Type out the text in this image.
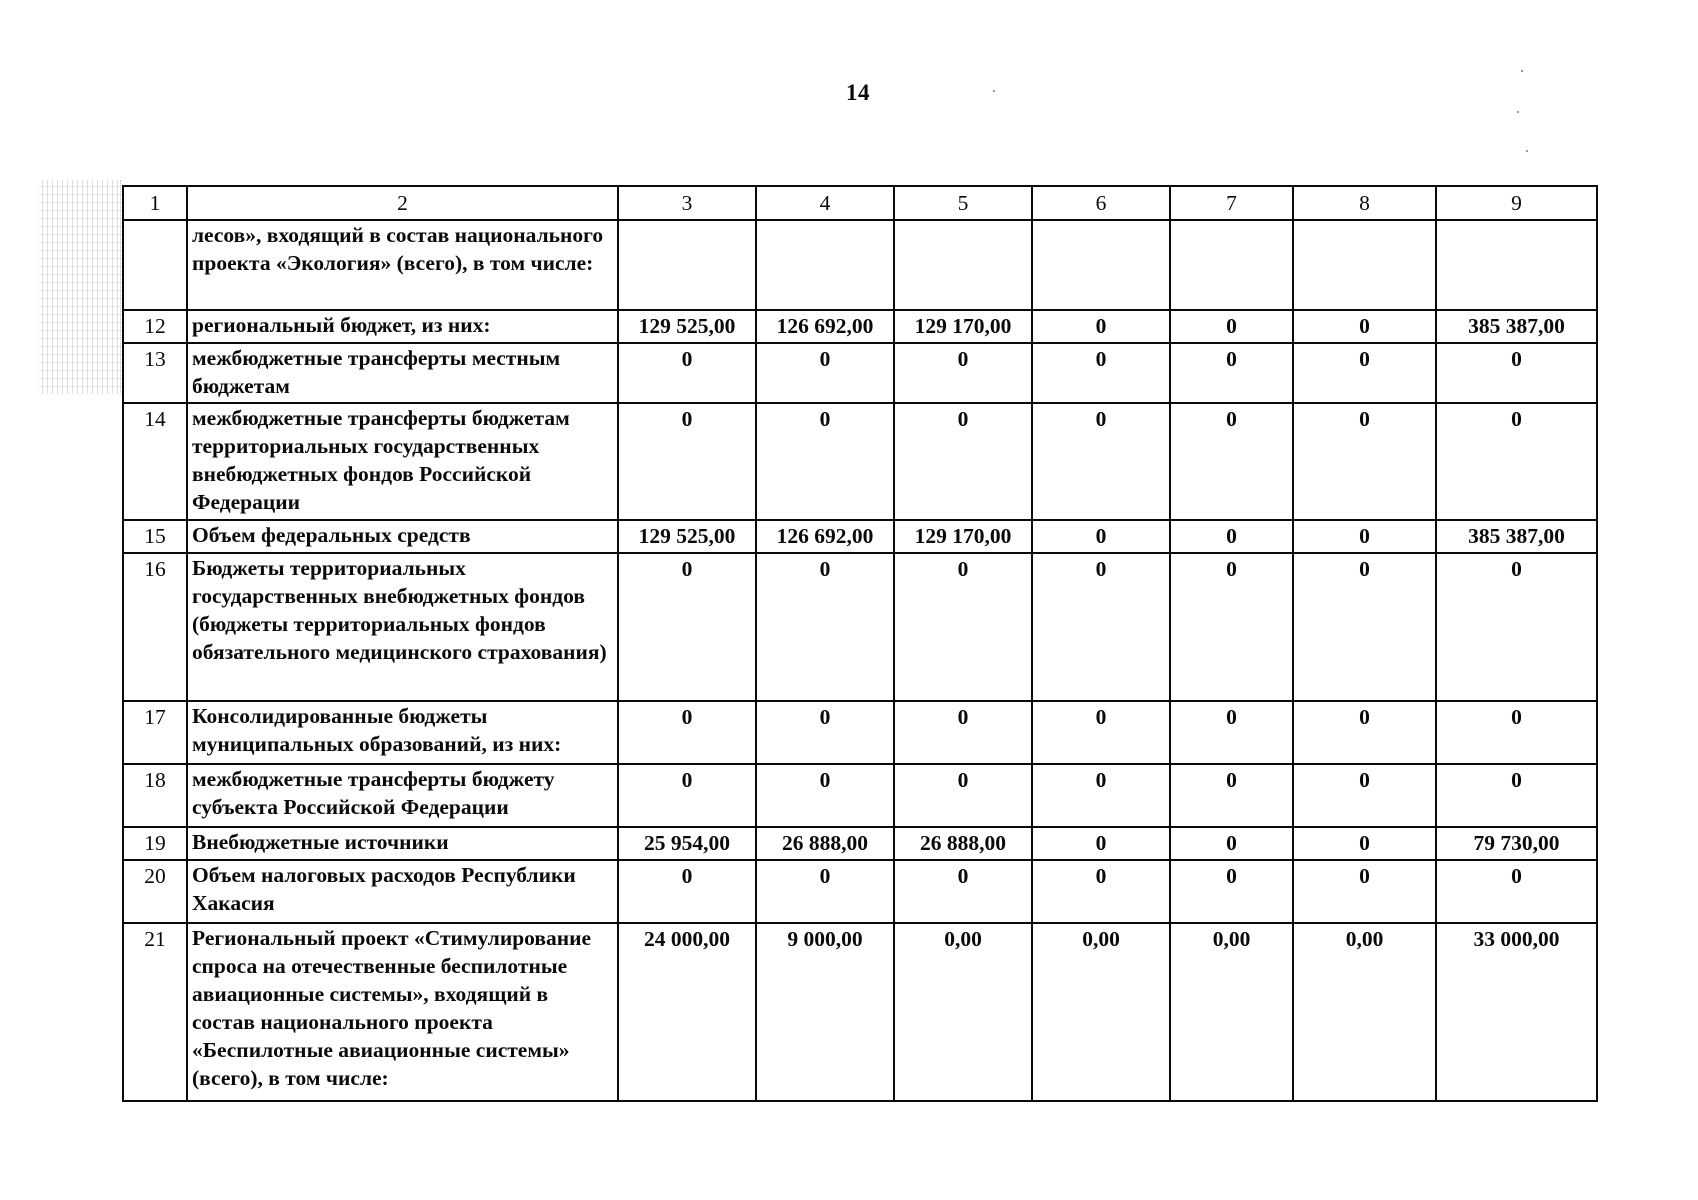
14
1	2	3	4	5	6	7	8	9
	лесов», входящий в состав национального проекта «Экология» (всего), в том числе:							
12	региональный бюджет, из них:	129 525,00	126 692,00	129 170,00	0	0	0	385 387,00
13	межбюджетные трансферты местным бюджетам	0	0	0	0	0	0	0
14	межбюджетные трансферты бюджетам территориальных государственных внебюджетных фондов Российской Федерации	0	0	0	0	0	0	0
15	Объем федеральных средств	129 525,00	126 692,00	129 170,00	0	0	0	385 387,00
16	Бюджеты территориальных государственных внебюджетных фондов (бюджеты территориальных фондов обязательного медицинского страхования)	0	0	0	0	0	0	0
17	Консолидированные бюджеты муниципальных образований, из них:	0	0	0	0	0	0	0
18	межбюджетные трансферты бюджету субъекта Российской Федерации	0	0	0	0	0	0	0
19	Внебюджетные источники	25 954,00	26 888,00	26 888,00	0	0	0	79 730,00
20	Объем налоговых расходов Республики Хакасия	0	0	0	0	0	0	0
21	Региональный проект «Стимулирование спроса на отечественные беспилотные авиационные системы», входящий в состав национального проекта «Беспилотные авиационные системы» (всего), в том числе:	24 000,00	9 000,00	0,00	0,00	0,00	0,00	33 000,00
